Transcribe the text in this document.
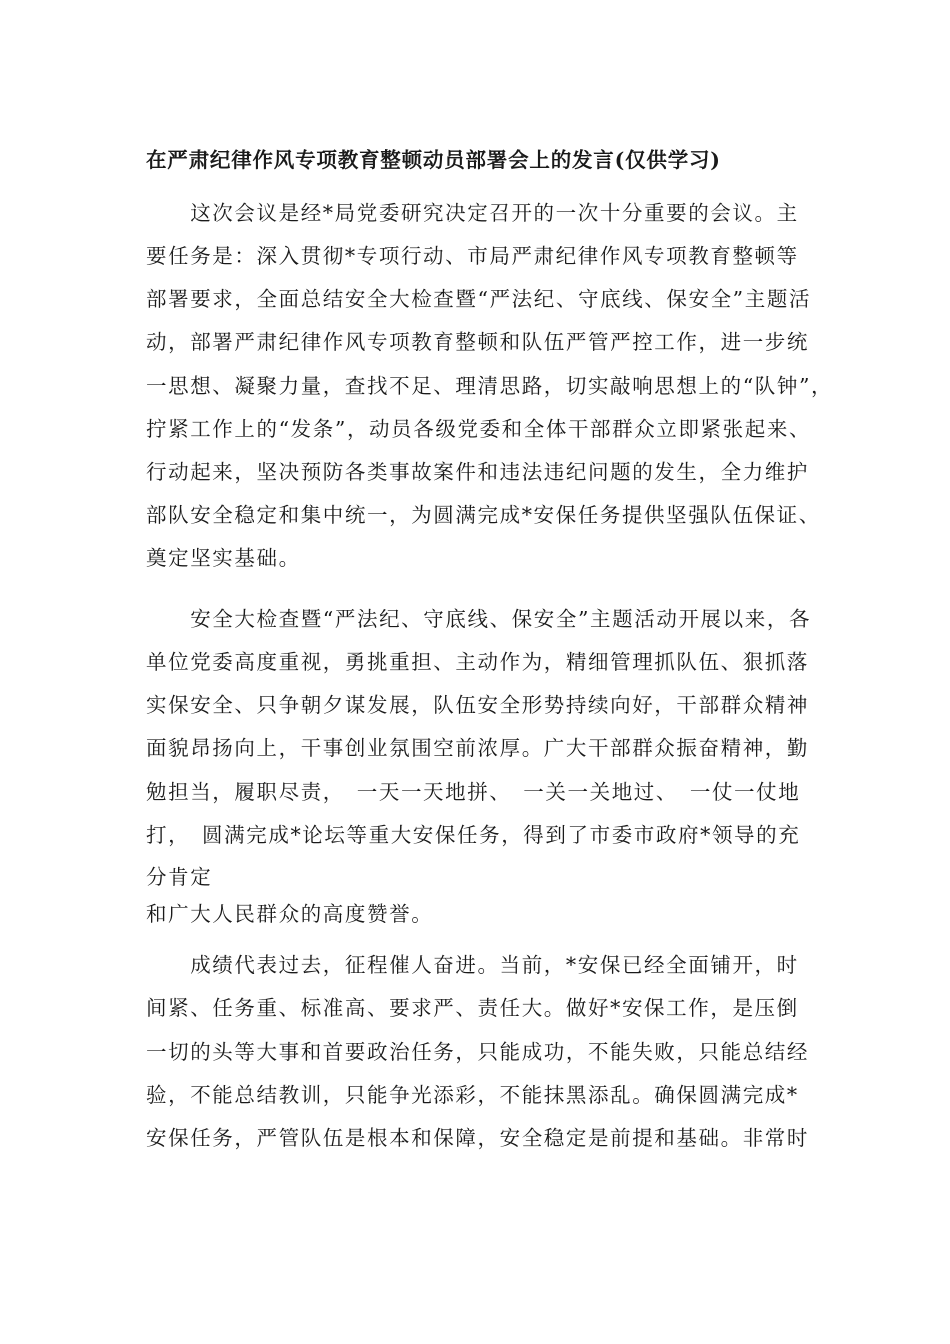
在严肃纪律作风专项教育整顿动员部署会上的发言(仅供学习)
　　这次会议是经*局党委研究决定召开的一次十分重要的会议。主
要任务是：深入贯彻*专项行动、市局严肃纪律作风专项教育整顿等
部署要求，全面总结安全大检查暨“严法纪、守底线、保安全”主题活
动，部署严肃纪律作风专项教育整顿和队伍严管严控工作，进一步统
一思想、凝聚力量，查找不足、理清思路，切实敲响思想上的“队钟”，
拧紧工作上的“发条”，动员各级党委和全体干部群众立即紧张起来、
行动起来，坚决预防各类事故案件和违法违纪问题的发生，全力维护
部队安全稳定和集中统一，为圆满完成*安保任务提供坚强队伍保证、
奠定坚实基础。
　　安全大检查暨“严法纪、守底线、保安全”主题活动开展以来，各
单位党委高度重视，勇挑重担、主动作为，精细管理抓队伍、狠抓落
实保安全、只争朝夕谋发展，队伍安全形势持续向好，干部群众精神
面貌昂扬向上，干事创业氛围空前浓厚。广大干部群众振奋精神，勤
勉担当，履职尽责，　一天一天地拼、　一关一关地过、　一仗一仗地
打，　圆满完成*论坛等重大安保任务，得到了市委市政府*领导的充
分肯定
和广大人民群众的高度赞誉。
　　成绩代表过去，征程催人奋进。当前，*安保已经全面铺开，时
间紧、任务重、标准高、要求严、责任大。做好*安保工作，是压倒
一切的头等大事和首要政治任务，只能成功，不能失败，只能总结经
验，不能总结教训，只能争光添彩，不能抹黑添乱。确保圆满完成*
安保任务，严管队伍是根本和保障，安全稳定是前提和基础。非常时
